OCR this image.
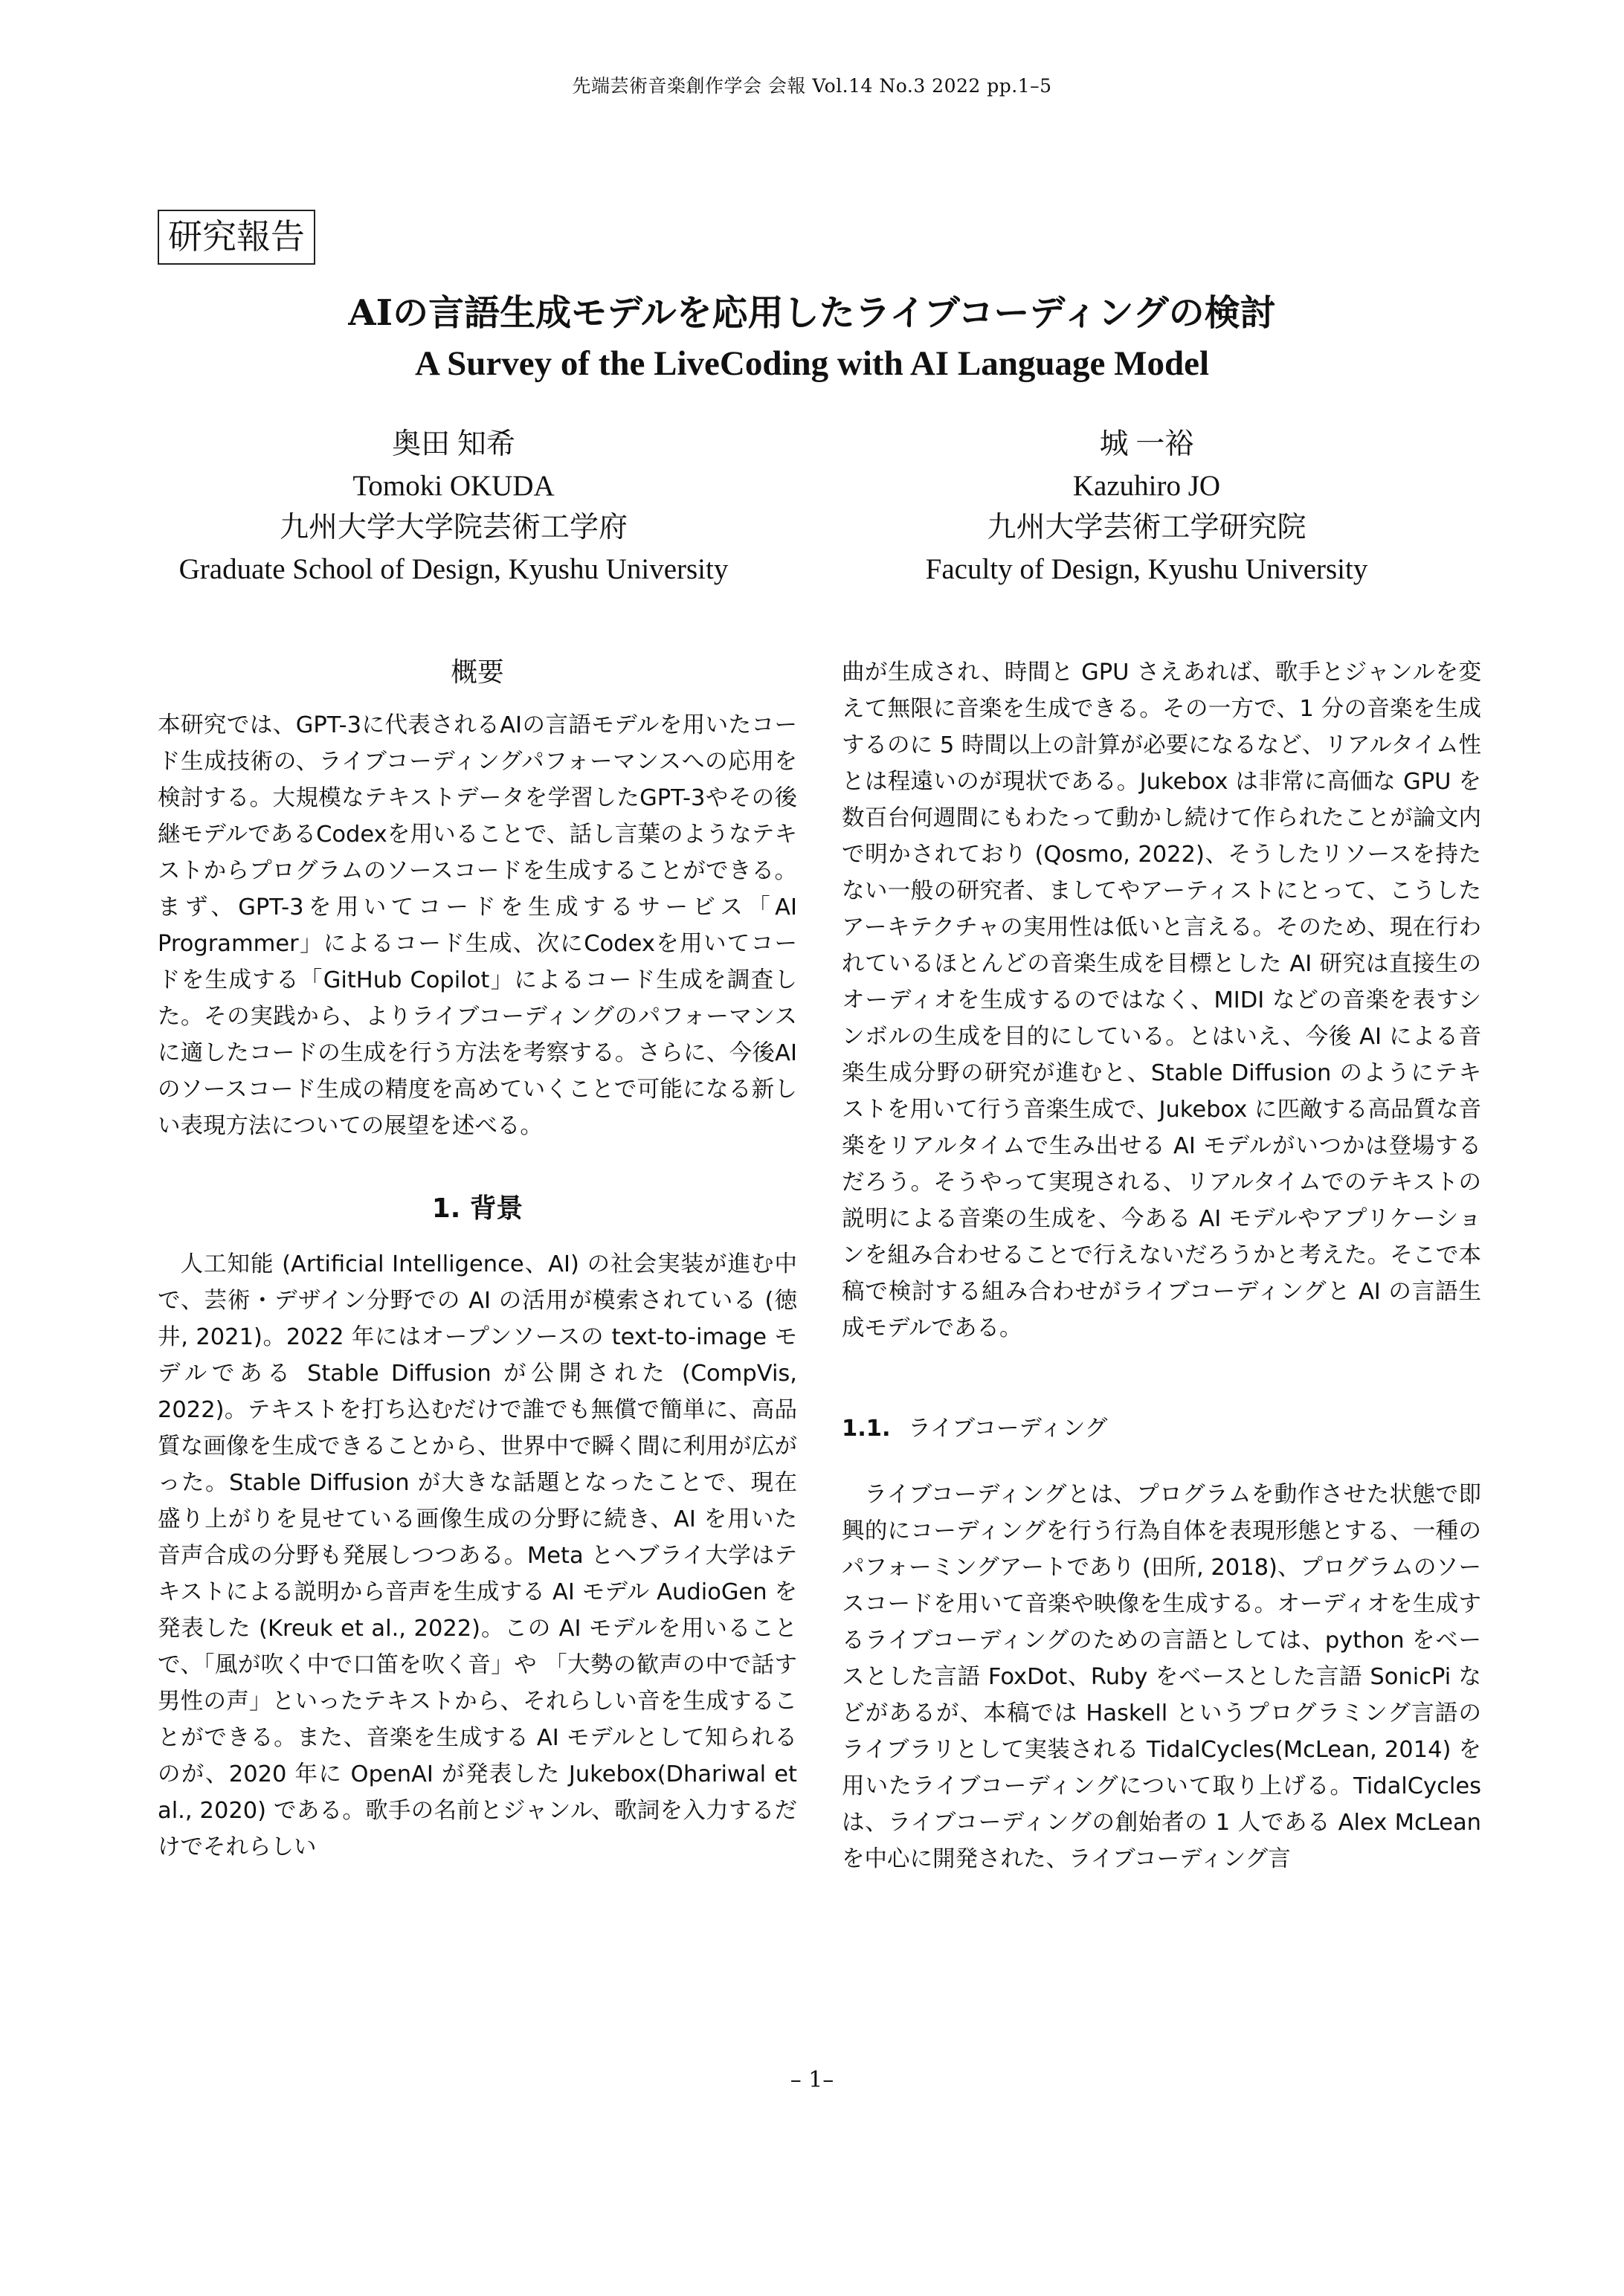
先端芸術音楽創作学会 会報 Vol.14 No.3 2022 pp.1–5
研究報告
AIの言語生成モデルを応用したライブコーディングの検討
A Survey of the LiveCoding with AI Language Model
奥田 知希
Tomoki OKUDA
九州大学大学院芸術工学府
Graduate School of Design, Kyushu University
城 一裕
Kazuhiro JO
九州大学芸術工学研究院
Faculty of Design, Kyushu University
概要

本研究では、GPT-3に代表されるAIの言語モデルを用いたコード生成技術の、ライブコーディングパフォーマンスへの応用を検討する。大規模なテキストデータを学習したGPT-3やその後継モデルであるCodexを用いることで、話し言葉のようなテキストからプログラムのソースコードを生成することができる。まず、GPT-3を用いてコードを生成するサービス「AI Programmer」によるコード生成、次にCodexを用いてコードを生成する「GitHub Copilot」によるコード生成を調査した。その実践から、よりライブコーディングのパフォーマンスに適したコードの生成を行う方法を考察する。さらに、今後AIのソースコード生成の精度を高めていくことで可能になる新しい表現方法についての展望を述べる。

1. 背景

人工知能 (Artificial Intelligence、AI) の社会実装が進む中で、芸術・デザイン分野での AI の活用が模索されている (徳井, 2021)。2022 年にはオープンソースの text-to-image モデルである Stable Diffusion が公開された (CompVis, 2022)。テキストを打ち込むだけで誰でも無償で簡単に、高品質な画像を生成できることから、世界中で瞬く間に利用が広がった。Stable Diffusion が大きな話題となったことで、現在盛り上がりを見せている画像生成の分野に続き、AI を用いた音声合成の分野も発展しつつある。Meta とヘブライ大学はテキストによる説明から音声を生成する AI モデル AudioGen を発表した (Kreuk et al., 2022)。この AI モデルを用いることで、「風が吹く中で口笛を吹く音」や 「大勢の歓声の中で話す男性の声」といったテキストから、それらしい音を生成することができる。また、音楽を生成する AI モデルとして知られるのが、2020 年に OpenAI が発表した Jukebox(Dhariwal et al., 2020) である。歌手の名前とジャンル、歌詞を入力するだけでそれらしい

曲が生成され、時間と GPU さえあれば、歌手とジャンルを変えて無限に音楽を生成できる。その一方で、1 分の音楽を生成するのに 5 時間以上の計算が必要になるなど、リアルタイム性とは程遠いのが現状である。Jukebox は非常に高価な GPU を数百台何週間にもわたって動かし続けて作られたことが論文内で明かされており (Qosmo, 2022)、そうしたリソースを持たない一般の研究者、ましてやアーティストにとって、こうしたアーキテクチャの実用性は低いと言える。そのため、現在行われているほとんどの音楽生成を目標とした AI 研究は直接生のオーディオを生成するのではなく、MIDI などの音楽を表すシンボルの生成を目的にしている。とはいえ、今後 AI による音楽生成分野の研究が進むと、Stable Diffusion のようにテキストを用いて行う音楽生成で、Jukebox に匹敵する高品質な音楽をリアルタイムで生み出せる AI モデルがいつかは登場するだろう。そうやって実現される、リアルタイムでのテキストの説明による音楽の生成を、今ある AI モデルやアプリケーションを組み合わせることで行えないだろうかと考えた。そこで本稿で検討する組み合わせがライブコーディングと AI の言語生成モデルである。

1.1. ライブコーディング

ライブコーディングとは、プログラムを動作させた状態で即興的にコーディングを行う行為自体を表現形態とする、一種のパフォーミングアートであり (田所, 2018)、プログラムのソースコードを用いて音楽や映像を生成する。オーディオを生成するライブコーディングのための言語としては、python をベースとした言語 FoxDot、Ruby をベースとした言語 SonicPi などがあるが、本稿では Haskell というプログラミング言語のライブラリとして実装される TidalCycles(McLean, 2014) を用いたライブコーディングについて取り上げる。TidalCycles は、ライブコーディングの創始者の 1 人である Alex McLean を中心に開発された、ライブコーディング言

– 1–
